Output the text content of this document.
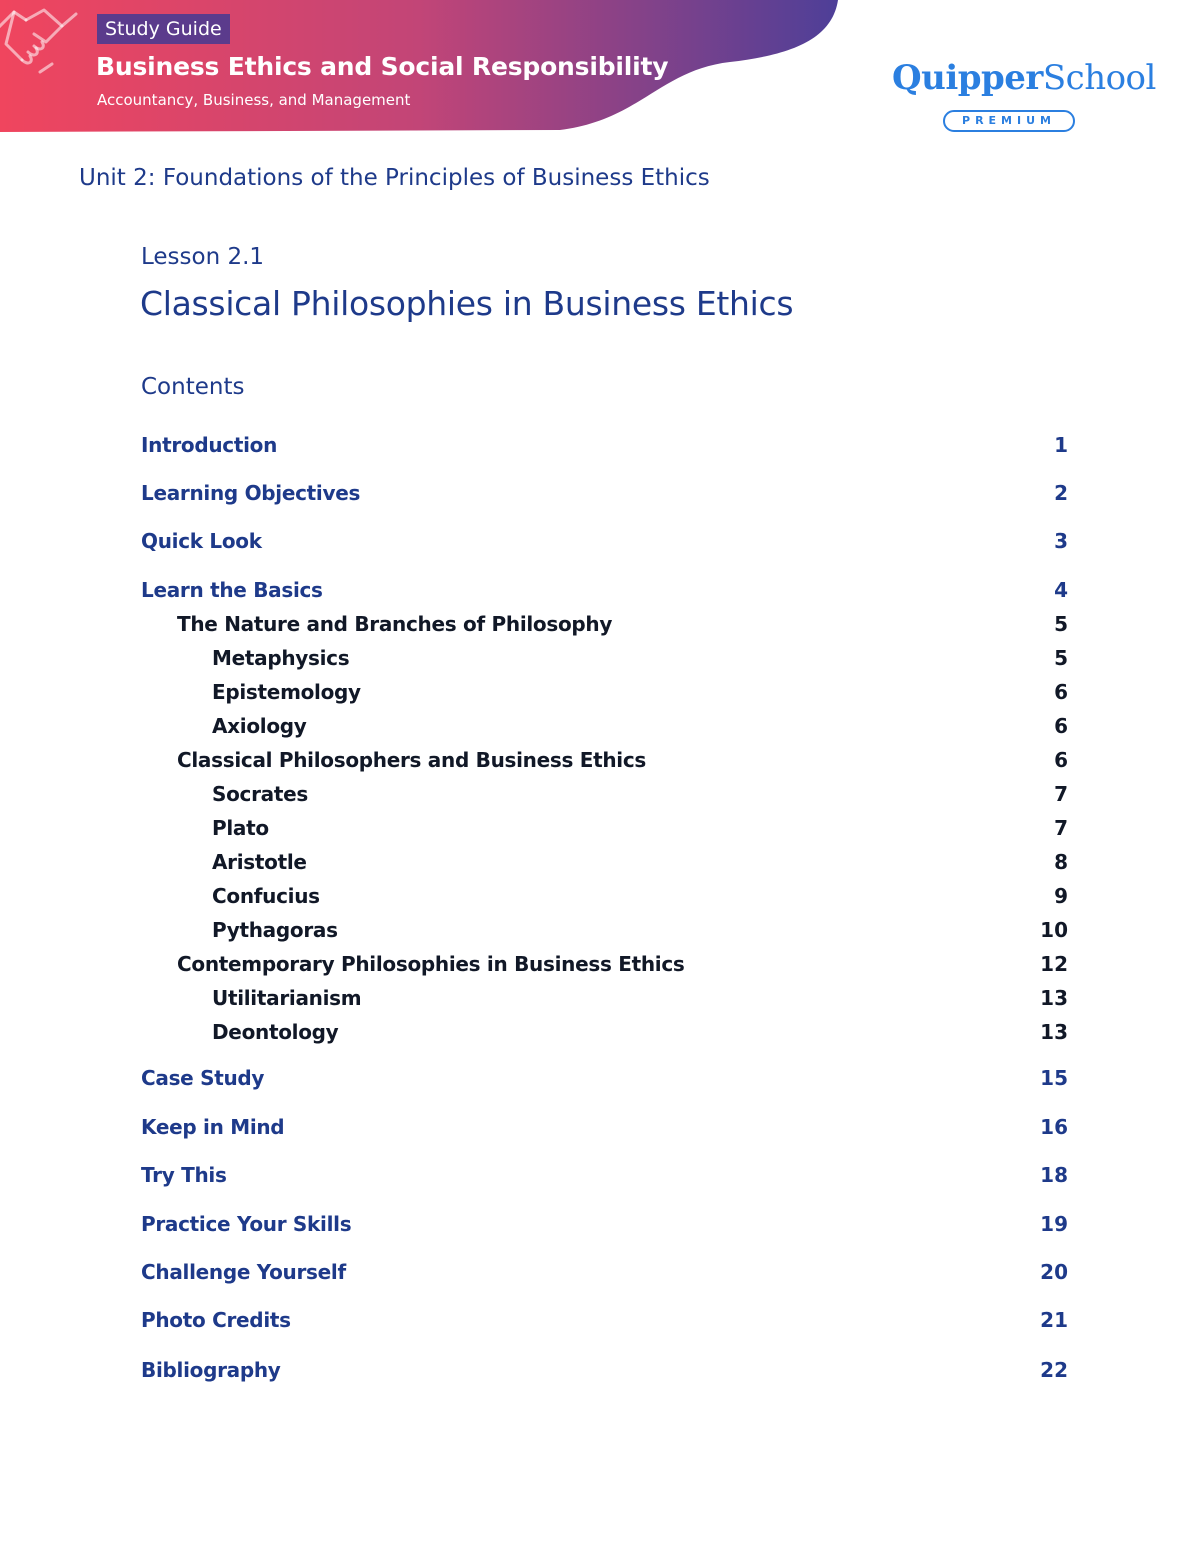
Study Guide
Business Ethics and Social Responsibility
Accountancy, Business, and Management
QuipperSchool
PREMIUM
Unit 2: Foundations of the Principles of Business Ethics
Lesson 2.1
Classical Philosophies in Business Ethics
Contents
Introduction	1
Learning Objectives	2
Quick Look	3
Learn the Basics	4
The Nature and Branches of Philosophy	5
Metaphysics	5
Epistemology	6
Axiology	6
Classical Philosophers and Business Ethics	6
Socrates	7
Plato	7
Aristotle	8
Confucius	9
Pythagoras	10
Contemporary Philosophies in Business Ethics	12
Utilitarianism	13
Deontology	13
Case Study	15
Keep in Mind	16
Try This	18
Practice Your Skills	19
Challenge Yourself	20
Photo Credits	21
Bibliography	22
